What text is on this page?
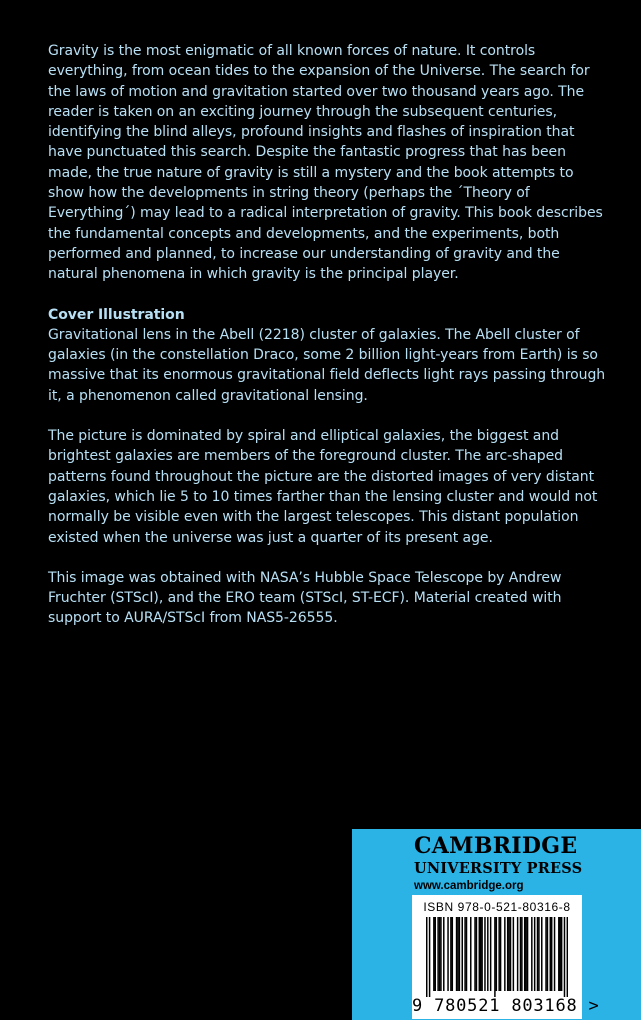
Gravity is the most enigmatic of all known forces of nature. It controls everything, from ocean tides to the expansion of the Universe. The search for the laws of motion and gravitation started over two thousand years ago. The reader is taken on an exciting journey through the subsequent centuries, identifying the blind alleys, profound insights and flashes of inspiration that have punctuated this search. Despite the fantastic progress that has been made, the true nature of gravity is still a mystery and the book attempts to show how the developments in string theory (perhaps the ´Theory of Everything´) may lead to a radical interpretation of gravity. This book describes the fundamental concepts and developments, and the experiments, both performed and planned, to increase our understanding of gravity and the natural phenomena in which gravity is the principal player.

Cover Illustration
Gravitational lens in the Abell (2218) cluster of galaxies. The Abell cluster of galaxies (in the constellation Draco, some 2 billion light-years from Earth) is so massive that its enormous gravitational field deflects light rays passing through it, a phenomenon called gravitational lensing.

The picture is dominated by spiral and elliptical galaxies, the biggest and brightest galaxies are members of the foreground cluster. The arc-shaped patterns found throughout the picture are the distorted images of very distant galaxies, which lie 5 to 10 times farther than the lensing cluster and would not normally be visible even with the largest telescopes. This distant population existed when the universe was just a quarter of its present age.

This image was obtained with NASA’s Hubble Space Telescope by Andrew Fruchter (STScI), and the ERO team (STScI, ST-ECF). Material created with support to AURA/STScI from NAS5-26555.

CAMBRIDGE
UNIVERSITY PRESS
www.cambridge.org
ISBN 978-0-521-80316-8
9 780521 803168 >
